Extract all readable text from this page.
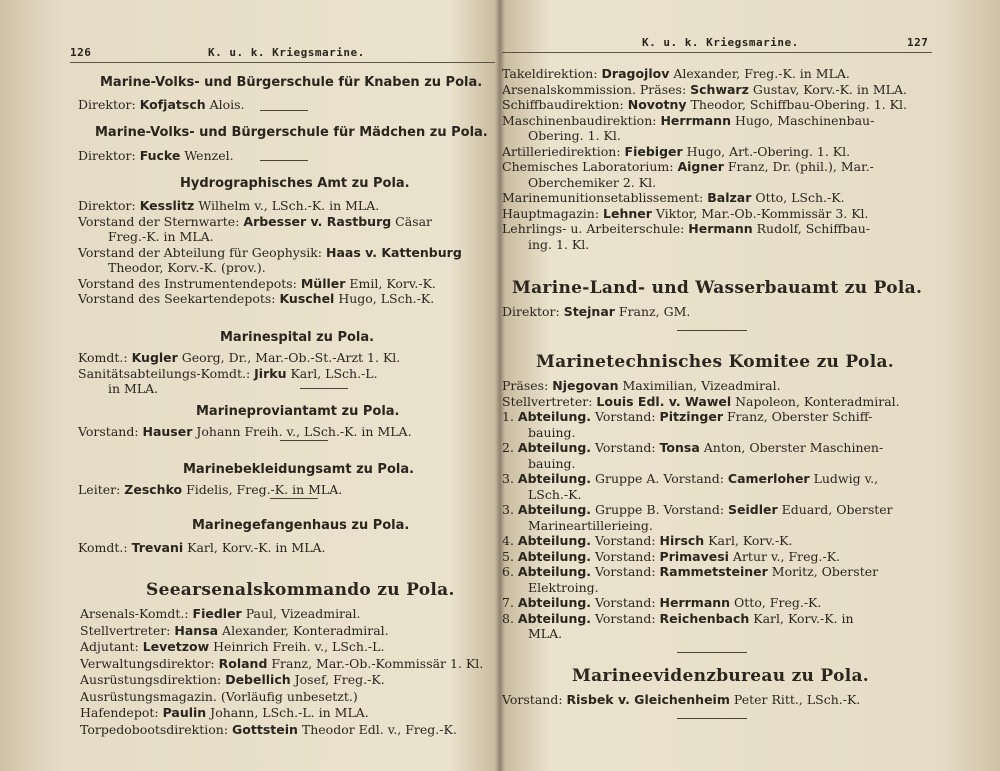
126	K. u. k. Kriegsmarine.
Marine-Volks- und Bürgerschule für Knaben zu Pola.
Direktor: Kofjatsch Alois.
Marine-Volks- und Bürgerschule für Mädchen zu Pola.
Direktor: Fucke Wenzel.
Hydrographisches Amt zu Pola.
Direktor: Kesslitz Wilhelm v., LSch.-K. in MLA.
Vorstand der Sternwarte: Arbesser v. Rastburg Cäsar
Freg.-K. in MLA.
Vorstand der Abteilung für Geophysik: Haas v. Kattenburg
Theodor, Korv.-K. (prov.).
Vorstand des Instrumentendepots: Müller Emil, Korv.-K.
Vorstand des Seekartendepots: Kuschel Hugo, LSch.-K.
Marinespital zu Pola.
Komdt.: Kugler Georg, Dr., Mar.-Ob.-St.-Arzt 1. Kl.
Sanitätsabteilungs-Komdt.: Jirku Karl, LSch.-L.
in MLA.
Marineproviantamt zu Pola.
Vorstand: Hauser Johann Freih. v., LSch.-K. in MLA.
Marinebekleidungsamt zu Pola.
Leiter: Zeschko Fidelis, Freg.-K. in MLA.
Marinegefangenhaus zu Pola.
Komdt.: Trevani Karl, Korv.-K. in MLA.
Seearsenalskommando zu Pola.
Arsenals-Komdt.: Fiedler Paul, Vizeadmiral.
Stellvertreter: Hansa Alexander, Konteradmiral.
Adjutant: Levetzow Heinrich Freih. v., LSch.-L.
Verwaltungsdirektor: Roland Franz, Mar.-Ob.-Kommissär 1. Kl.
Ausrüstungsdirektion: Debellich Josef, Freg.-K.
Ausrüstungsmagazin. (Vorläufig unbesetzt.)
Hafendepot: Paulin Johann, LSch.-L. in MLA.
Torpedobootsdirektion: Gottstein Theodor Edl. v., Freg.-K.
K. u. k. Kriegsmarine.	127
Takeldirektion: Dragojlov Alexander, Freg.-K. in MLA.
Arsenalskommission. Präses: Schwarz Gustav, Korv.-K. in MLA.
Schiffbaudirektion: Novotny Theodor, Schiffbau-Obering. 1. Kl.
Maschinenbaudirektion: Herrmann Hugo, Maschinenbau-
Obering. 1. Kl.
Artilleriedirektion: Fiebiger Hugo, Art.-Obering. 1. Kl.
Chemisches Laboratorium: Aigner Franz, Dr. (phil.), Mar.-
Oberchemiker 2. Kl.
Marinemunitionsetablissement: Balzar Otto, LSch.-K.
Hauptmagazin: Lehner Viktor, Mar.-Ob.-Kommissär 3. Kl.
Lehrlings- u. Arbeiterschule: Hermann Rudolf, Schiffbau-
ing. 1. Kl.
Marine-Land- und Wasserbauamt zu Pola.
Direktor: Stejnar Franz, GM.
Marinetechnisches Komitee zu Pola.
Präses: Njegovan Maximilian, Vizeadmiral.
Stellvertreter: Louis Edl. v. Wawel Napoleon, Konteradmiral.
1. Abteilung. Vorstand: Pitzinger Franz, Oberster Schiff-
bauing.
2. Abteilung. Vorstand: Tonsa Anton, Oberster Maschinen-
bauing.
3. Abteilung. Gruppe A. Vorstand: Camerloher Ludwig v.,
LSch.-K.
3. Abteilung. Gruppe B. Vorstand: Seidler Eduard, Oberster
Marineartillerieing.
4. Abteilung. Vorstand: Hirsch Karl, Korv.-K.
5. Abteilung. Vorstand: Primavesi Artur v., Freg.-K.
6. Abteilung. Vorstand: Rammetsteiner Moritz, Oberster
Elektroing.
7. Abteilung. Vorstand: Herrmann Otto, Freg.-K.
8. Abteilung. Vorstand: Reichenbach Karl, Korv.-K. in
MLA.
Marineevidenzbureau zu Pola.
Vorstand: Risbek v. Gleichenheim Peter Ritt., LSch.-K.
